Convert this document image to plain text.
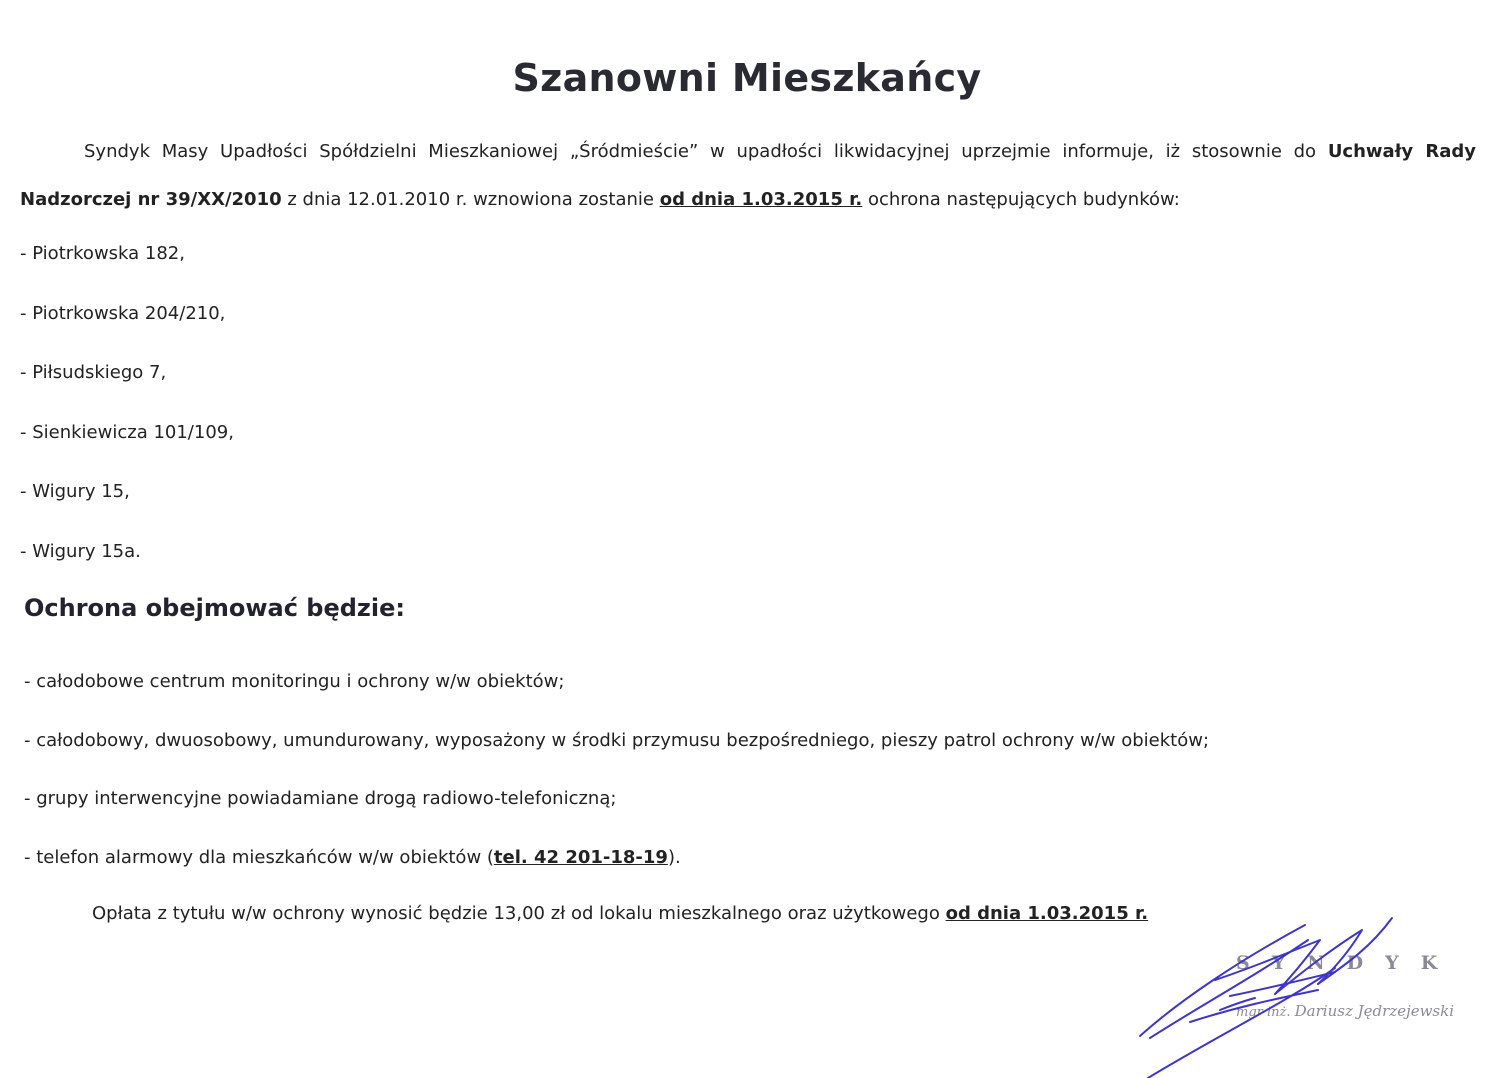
Szanowni Mieszkańcy

Syndyk Masy Upadłości Spółdzielni Mieszkaniowej „Śródmieście” w upadłości likwidacyjnej uprzejmie informuje, iż stosownie do Uchwały Rady Nadzorczej nr 39/XX/2010 z dnia 12.01.2010 r. wznowiona zostanie od dnia 1.03.2015 r. ochrona następujących budynków:

- Piotrkowska 182,
- Piotrkowska 204/210,
- Piłsudskiego 7,
- Sienkiewicza 101/109,
- Wigury 15,
- Wigury 15a.
Ochrona obejmować będzie:
- całodobowe centrum monitoringu i ochrony w/w obiektów;
- całodobowy, dwuosobowy, umundurowany, wyposażony w środki przymusu bezpośredniego, pieszy patrol ochrony w/w obiektów;
- grupy interwencyjne powiadamiane drogą radiowo-telefoniczną;
- telefon alarmowy dla mieszkańców w/w obiektów (tel. 42 201-18-19).

Opłata z tytułu w/w ochrony wynosić będzie 13,00 zł od lokalu mieszkalnego oraz użytkowego od dnia 1.03.2015 r.

SYNDYK

mgr inż. Dariusz Jędrzejewski
